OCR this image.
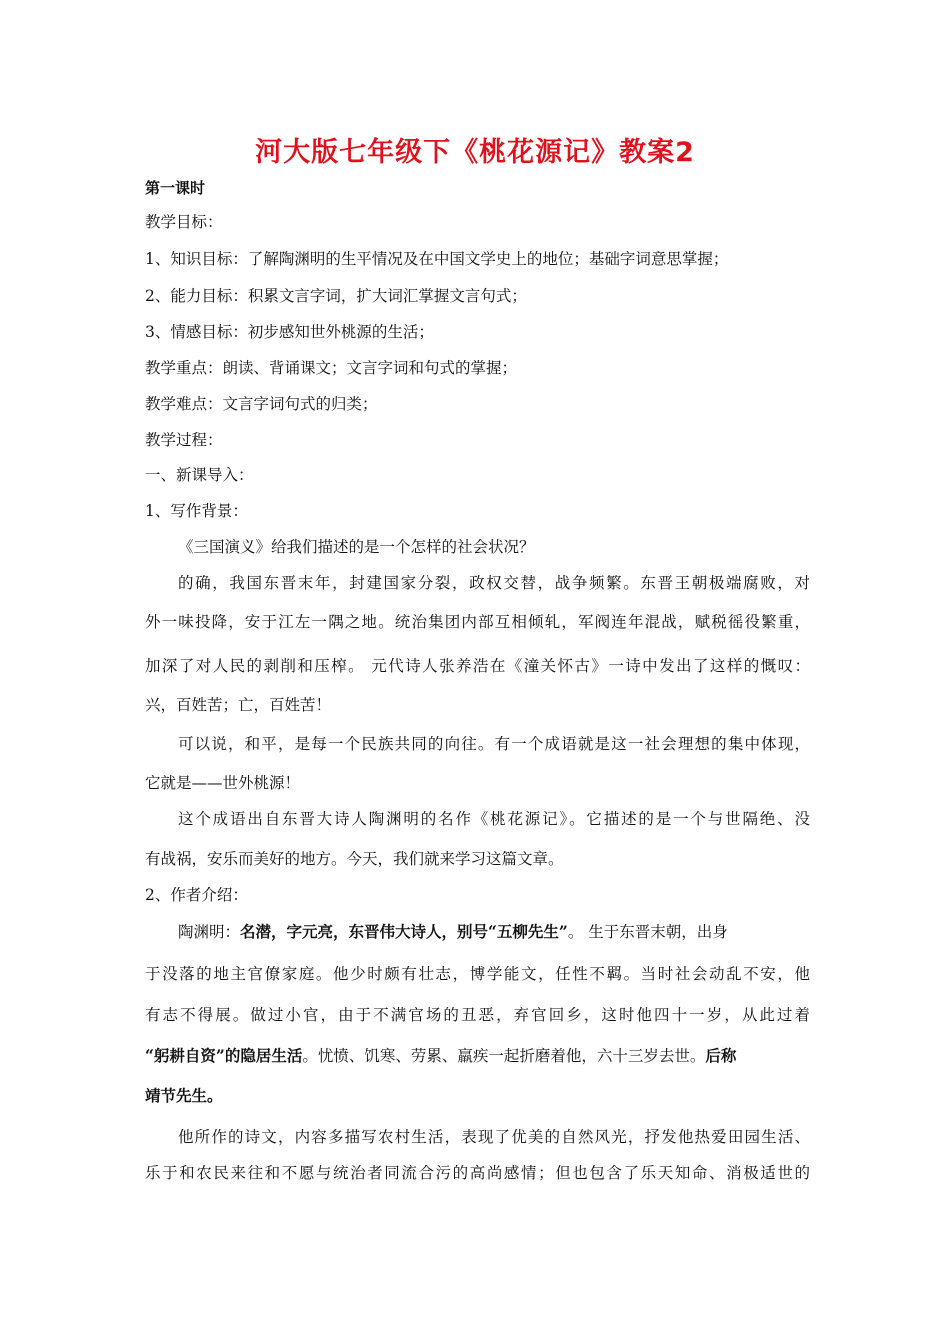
河大版七年级下《桃花源记》教案2
第一课时
教学目标：
1、知识目标：了解陶渊明的生平情况及在中国文学史上的地位；基础字词意思掌握；
2、能力目标：积累文言字词，扩大词汇掌握文言句式；
3、情感目标：初步感知世外桃源的生活；
教学重点：朗读、背诵课文；文言字词和句式的掌握；
教学难点：文言字词句式的归类；
教学过程：
一、新课导入：
1、写作背景：
《三国演义》给我们描述的是一个怎样的社会状况？
的确，我国东晋末年，封建国家分裂，政权交替，战争频繁。东晋王朝极端腐败，对
外一味投降，安于江左一隅之地。统治集团内部互相倾轧，军阀连年混战，赋税徭役繁重，
加深了对人民的剥削和压榨。 元代诗人张养浩在《潼关怀古》一诗中发出了这样的慨叹：
兴，百姓苦；亡，百姓苦！
可以说，和平，是每一个民族共同的向往。有一个成语就是这一社会理想的集中体现，
它就是——世外桃源！
这个成语出自东晋大诗人陶渊明的名作《桃花源记》。它描述的是一个与世隔绝、没
有战祸，安乐而美好的地方。今天，我们就来学习这篇文章。
2、作者介绍：
陶渊明：名潜，字元亮，东晋伟大诗人，别号“五柳先生”。 生于东晋末朝，出身
于没落的地主官僚家庭。他少时颇有壮志，博学能文，任性不羁。当时社会动乱不安，他
有志不得展。做过小官，由于不满官场的丑恶，弃官回乡，这时他四十一岁，从此过着
“躬耕自资”的隐居生活。忧愤、饥寒、劳累、羸疾一起折磨着他，六十三岁去世。后称
靖节先生。
他所作的诗文，内容多描写农村生活，表现了优美的自然风光，抒发他热爱田园生活、
乐于和农民来往和不愿与统治者同流合污的高尚感情；但也包含了乐天知命、消极适世的
